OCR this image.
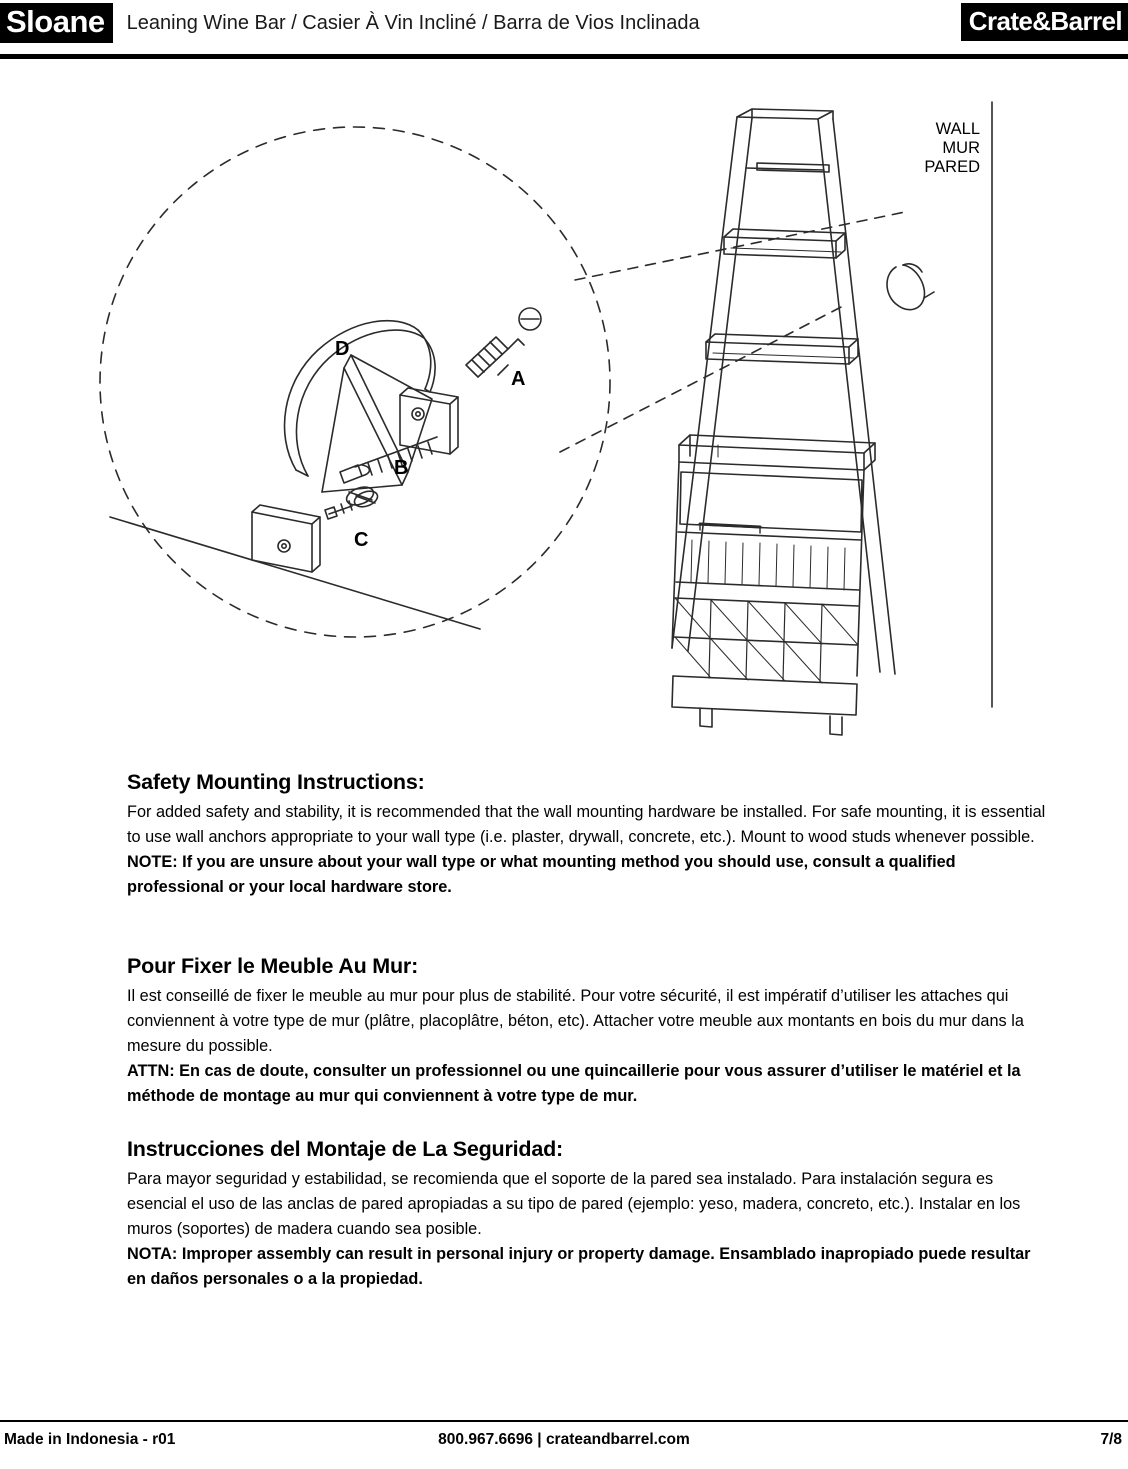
Sloane	Leaning Wine Bar / Casier À Vin Incliné / Barra de Vios Inclinada	Crate&Barrel
A
B
C
D
WALL
MUR
PARED

Safety Mounting Instructions:

For added safety and stability, it is recommended that the wall mounting hardware be installed. For safe mounting, it is essential to use wall anchors appropriate to your wall type (i.e. plaster, drywall, concrete, etc.). Mount to wood studs whenever possible.

NOTE: If you are unsure about your wall type or what mounting method you should use, consult a qualified professional or your local hardware store.

Pour Fixer le Meuble Au Mur:

Il est conseillé de fixer le meuble au mur pour plus de stabilité. Pour votre sécurité, il est impératif d’utiliser les attaches qui conviennent à votre type de mur (plâtre, placoplâtre, béton, etc). Attacher votre meuble aux montants en bois du mur dans la mesure du possible.

ATTN: En cas de doute, consulter un professionnel ou une quincaillerie pour vous assurer d’utiliser le matériel et la méthode de montage au mur qui conviennent à votre type de mur.

Instrucciones del Montaje de La Seguridad:

Para mayor seguridad y estabilidad, se recomienda que el soporte de la pared sea instalado. Para instalación segura es esencial el uso de las anclas de pared apropiadas a su tipo de pared (ejemplo: yeso, madera, concreto, etc.). Instalar en los muros (soportes) de madera cuando sea posible.

NOTA: Improper assembly can result in personal injury or property damage. Ensamblado inapropiado puede resultar en daños personales o a la propiedad.

Made in Indonesia - r01	800.967.6696 | crateandbarrel.com	7/8
